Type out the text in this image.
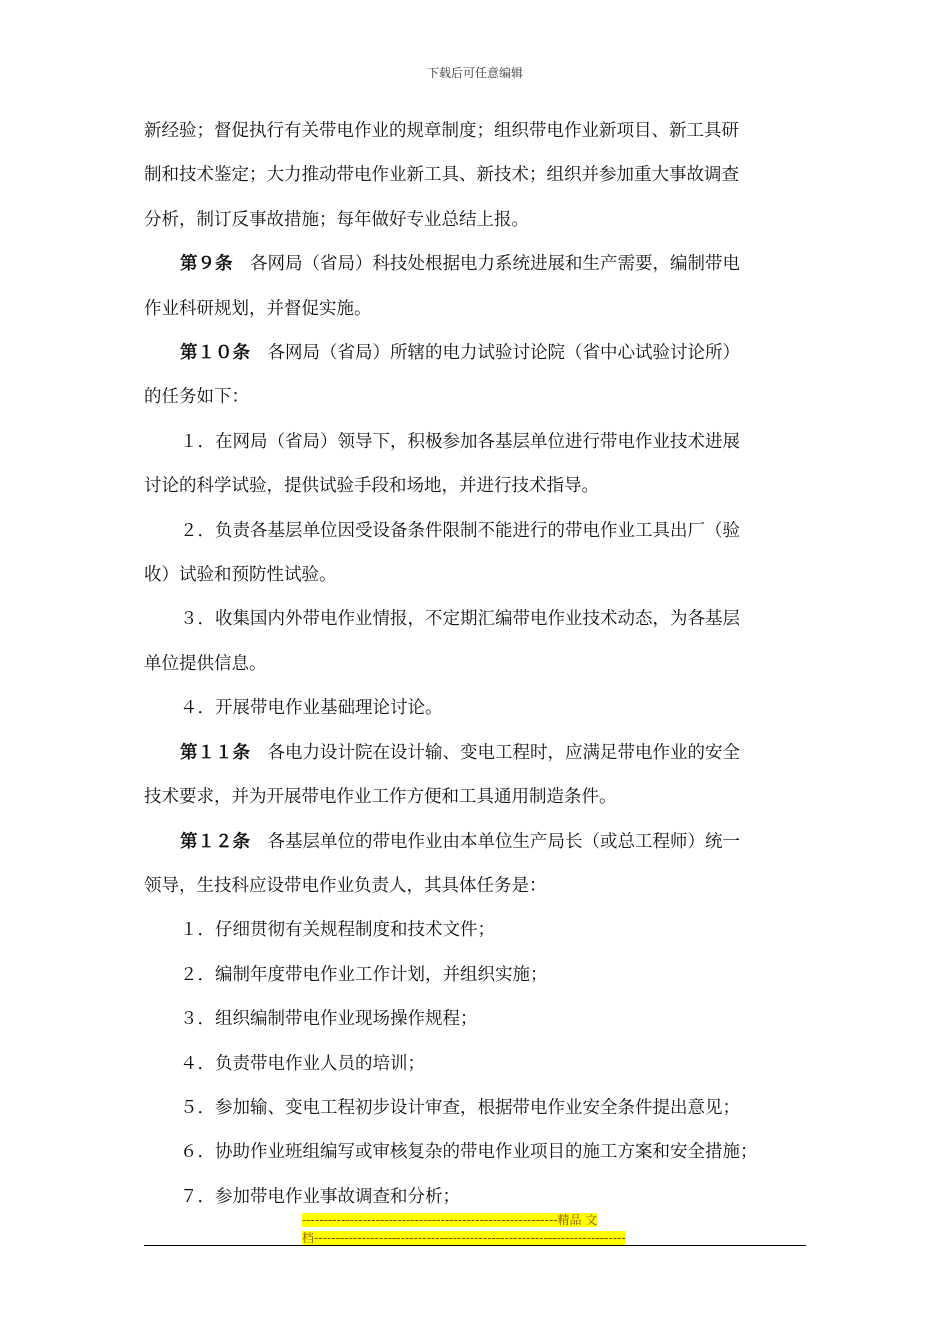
下载后可任意编辑

新经验；督促执行有关带电作业的规章制度；组织带电作业新项目、新工具研

制和技术鉴定；大力推动带电作业新工具、新技术；组织并参加重大事故调查

分析，制订反事故措施；每年做好专业总结上报。

第９条　各网局（省局）科技处根据电力系统进展和生产需要，编制带电

作业科研规划，并督促实施。

第１０条　各网局（省局）所辖的电力试验讨论院（省中心试验讨论所）

的任务如下：

１．在网局（省局）领导下，积极参加各基层单位进行带电作业技术进展

讨论的科学试验，提供试验手段和场地，并进行技术指导。

２．负责各基层单位因受设备条件限制不能进行的带电作业工具出厂（验

收）试验和预防性试验。

３．收集国内外带电作业情报，不定期汇编带电作业技术动态，为各基层

单位提供信息。

４．开展带电作业基础理论讨论。

第１１条　各电力设计院在设计输、变电工程时，应满足带电作业的安全

技术要求，并为开展带电作业工作方便和工具通用制造条件。

第１２条　各基层单位的带电作业由本单位生产局长（或总工程师）统一

领导，生技科应设带电作业负责人，其具体任务是：

１．仔细贯彻有关规程制度和技术文件；

２．编制年度带电作业工作计划，并组织实施；

３．组织编制带电作业现场操作规程；

４．负责带电作业人员的培训；

５．参加输、变电工程初步设计审查，根据带电作业安全条件提出意见；

６．协助作业班组编写或审核复杂的带电作业项目的施工方案和安全措施；

７．参加带电作业事故调查和分析；

-----------------------------------------------------------精品 文
档------------------------------------------------------------------------
